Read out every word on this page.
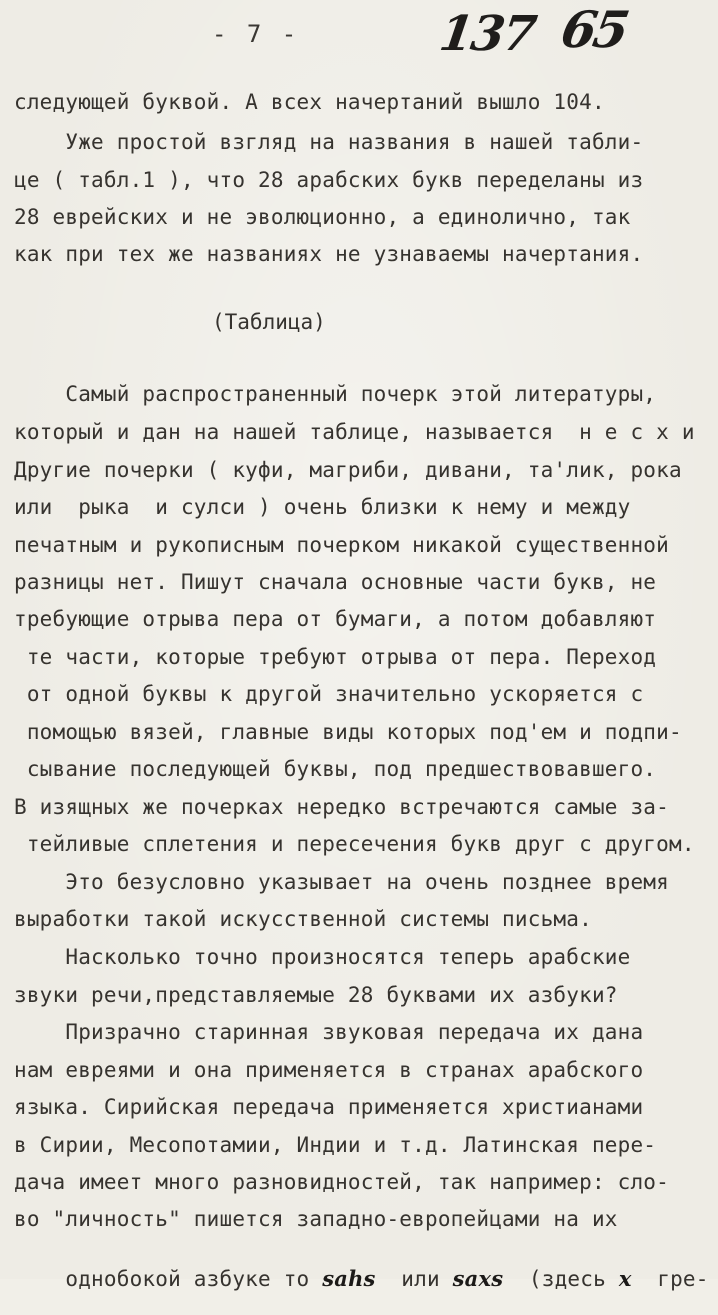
- 7 -	137 65
следующей буквой. А всех начертаний вышло 104.
Уже простой взгляд на названия в нашей табли-
це ( табл.1 ), что 28 арабских букв переделаны из
28 еврейских и не эволюционно, а единолично, так
как при тех же названиях не узнаваемы начертания.
(Таблица)
Самый распространенный почерк этой литературы,
который и дан на нашей таблице, называется  н е с х и
Другие почерки ( куфи, магриби, дивани, та'лик, рока
или  рыка  и сулси ) очень близки к нему и между
печатным и рукописным почерком никакой существенной
разницы нет. Пишут сначала основные части букв, не
требующие отрыва пера от бумаги, а потом добавляют
те части, которые требуют отрыва от пера. Переход
от одной буквы к другой значительно ускоряется с
помощью вязей, главные виды которых под'ем и подпи-
сывание последующей буквы, под предшествовавшего.
В изящных же почерках нередко встречаются самые за-
тейливые сплетения и пересечения букв друг с другом.
Это безусловно указывает на очень позднее время
выработки такой искусственной системы письма.
Насколько точно произносятся теперь арабские
звуки речи,представляемые 28 буквами их азбуки?
Призрачно старинная звуковая передача их дана
нам евреями и она применяется в странах арабского
языка. Сирийская передача применяется христианами
в Сирии, Месопотамии, Индии и т.д. Латинская пере-
дача имеет много разновидностей, так например: сло-
во "личность" пишется западно-европейцами на их

однобокой азбуке то sahs  или saxs  (здесь x  гре-
